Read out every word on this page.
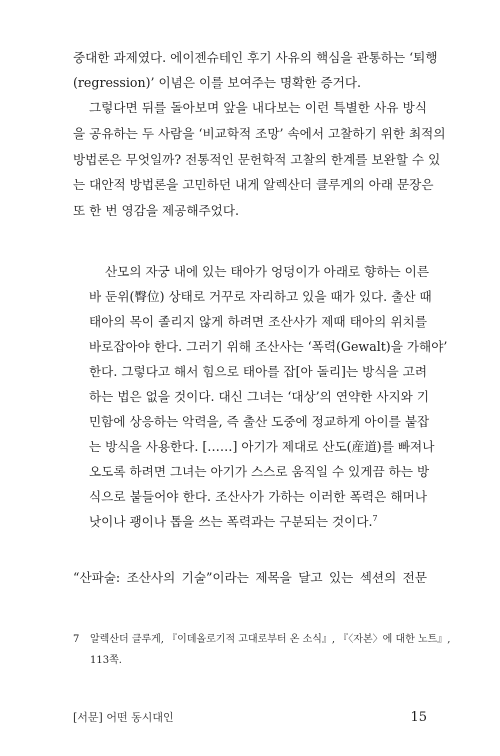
중대한 과제였다. 에이젠슈테인 후기 사유의 핵심을 관통하는 ‘퇴행

(regression)’ 이념은 이를 보여주는 명확한 증거다.

그렇다면 뒤를 돌아보며 앞을 내다보는 이런 특별한 사유 방식

을 공유하는 두 사람을 ‘비교학적 조망’ 속에서 고찰하기 위한 최적의

방법론은 무엇일까? 전통적인 문헌학적 고찰의 한계를 보완할 수 있

는 대안적 방법론을 고민하던 내게 알렉산더 클루게의 아래 문장은

또 한 번 영감을 제공해주었다.

산모의 자궁 내에 있는 태아가 엉덩이가 아래로 향하는 이른

바 둔위(臀位) 상태로 거꾸로 자리하고 있을 때가 있다. 출산 때

태아의 목이 졸리지 않게 하려면 조산사가 제때 태아의 위치를

바로잡아야 한다. 그러기 위해 조산사는 ‘폭력(Gewalt)을 가해야’

한다. 그렇다고 해서 힘으로 태아를 잡[아 돌리]는 방식을 고려

하는 법은 없을 것이다. 대신 그녀는 ‘대상’의 연약한 사지와 기

민함에 상응하는 악력을, 즉 출산 도중에 정교하게 아이를 붙잡

는 방식을 사용한다. [……] 아기가 제대로 산도(産道)를 빠져나

오도록 하려면 그녀는 아기가 스스로 움직일 수 있게끔 하는 방

식으로 붙들어야 한다. 조산사가 가하는 이러한 폭력은 해머나

낫이나 괭이나 톱을 쓰는 폭력과는 구분되는 것이다.$^7$

“산파술: 조산사의 기술”이라는 제목을 달고 있는 섹션의 전문

7 알렉산더 클루게, 『이데올로기적 고대로부터 온 소식』, 『〈자본〉에 대한 노트』,

113쪽.

[서문] 어떤 동시대인	15
